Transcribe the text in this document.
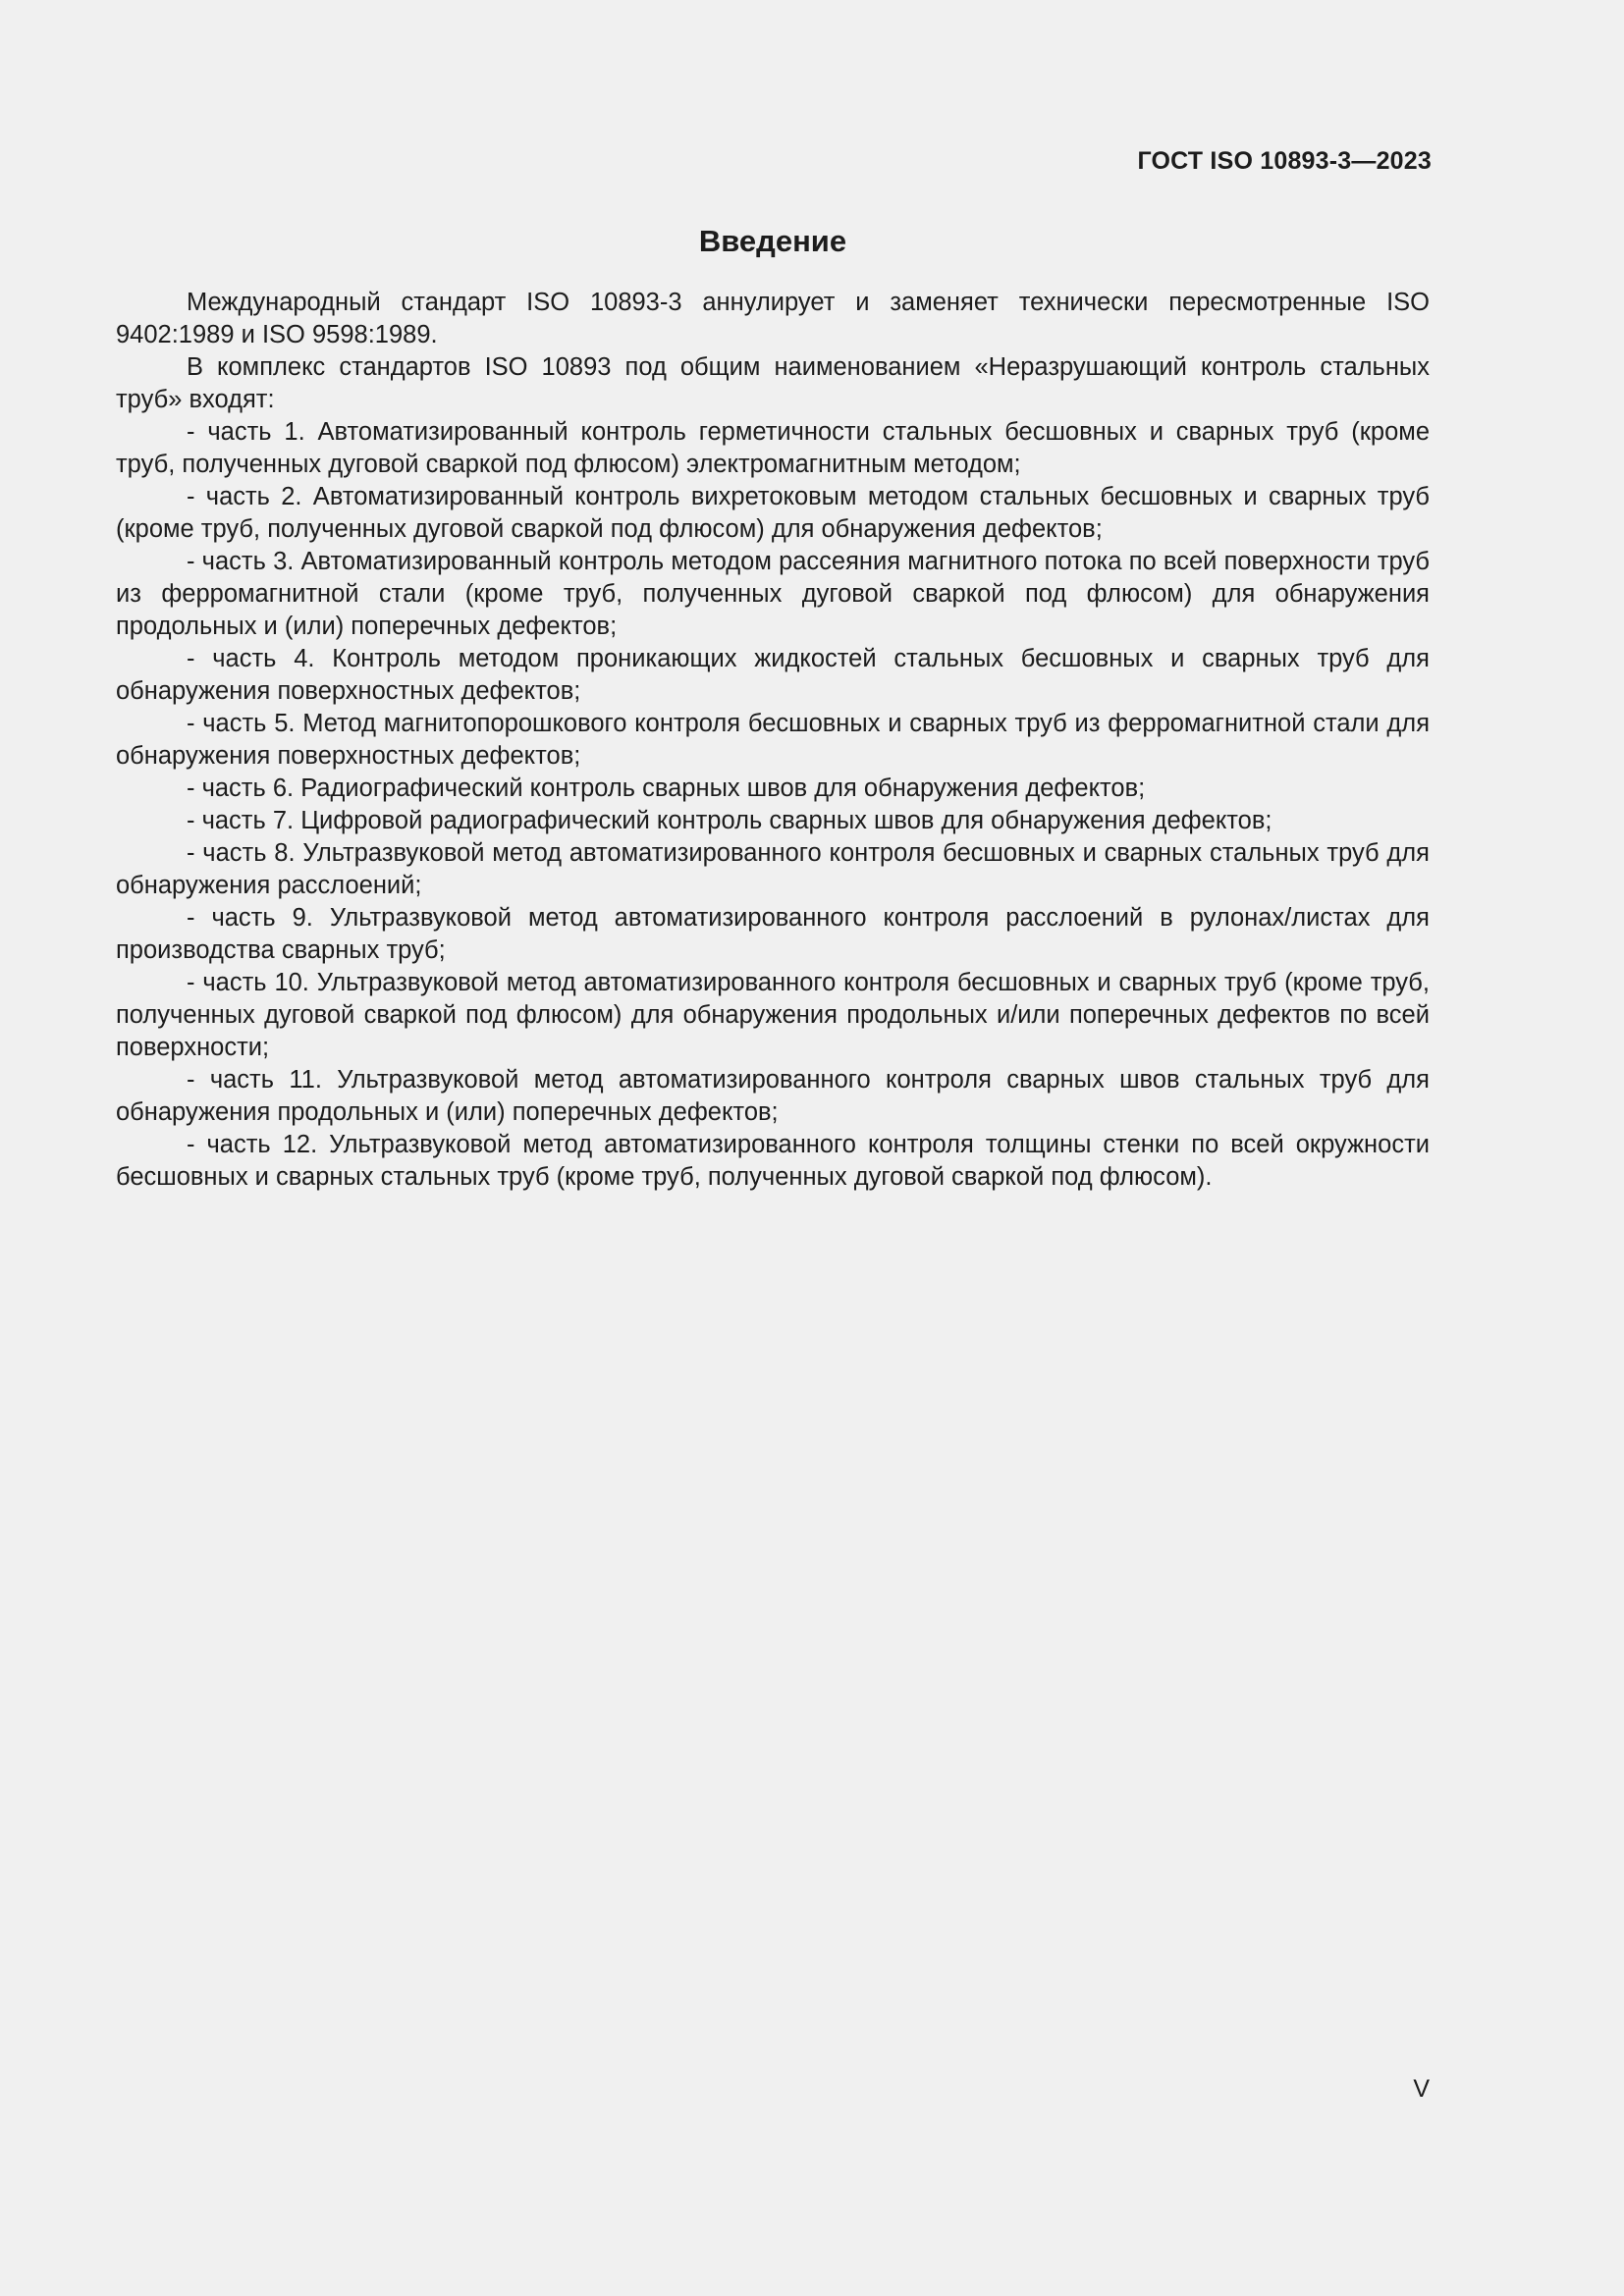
ГОСТ ISO 10893-3—2023
Введение

Международный стандарт ISO 10893-3 аннулирует и заменяет технически пересмотренные ISO 9402:1989 и ISO 9598:1989.

В комплекс стандартов ISO 10893 под общим наименованием «Неразрушающий контроль стальных труб» входят:

- часть 1. Автоматизированный контроль герметичности стальных бесшовных и сварных труб (кроме труб, полученных дуговой сваркой под флюсом) электромагнитным методом;

- часть 2. Автоматизированный контроль вихретоковым методом стальных бесшовных и сварных труб (кроме труб, полученных дуговой сваркой под флюсом) для обнаружения дефектов;

- часть 3. Автоматизированный контроль методом рассеяния магнитного потока по всей поверхности труб из ферромагнитной стали (кроме труб, полученных дуговой сваркой под флюсом) для обнаружения продольных и (или) поперечных дефектов;

- часть 4. Контроль методом проникающих жидкостей стальных бесшовных и сварных труб для обнаружения поверхностных дефектов;

- часть 5. Метод магнитопорошкового контроля бесшовных и сварных труб из ферромагнитной стали для обнаружения поверхностных дефектов;

- часть 6. Радиографический контроль сварных швов для обнаружения дефектов;

- часть 7. Цифровой радиографический контроль сварных швов для обнаружения дефектов;

- часть 8. Ультразвуковой метод автоматизированного контроля бесшовных и сварных стальных труб для обнаружения расслоений;

- часть 9. Ультразвуковой метод автоматизированного контроля расслоений в рулонах/листах для производства сварных труб;

- часть 10. Ультразвуковой метод автоматизированного контроля бесшовных и сварных труб (кроме труб, полученных дуговой сваркой под флюсом) для обнаружения продольных и/или поперечных дефектов по всей поверхности;

- часть 11. Ультразвуковой метод автоматизированного контроля сварных швов стальных труб для обнаружения продольных и (или) поперечных дефектов;

- часть 12. Ультразвуковой метод автоматизированного контроля толщины стенки по всей окружности бесшовных и сварных стальных труб (кроме труб, полученных дуговой сваркой под флюсом).

V
